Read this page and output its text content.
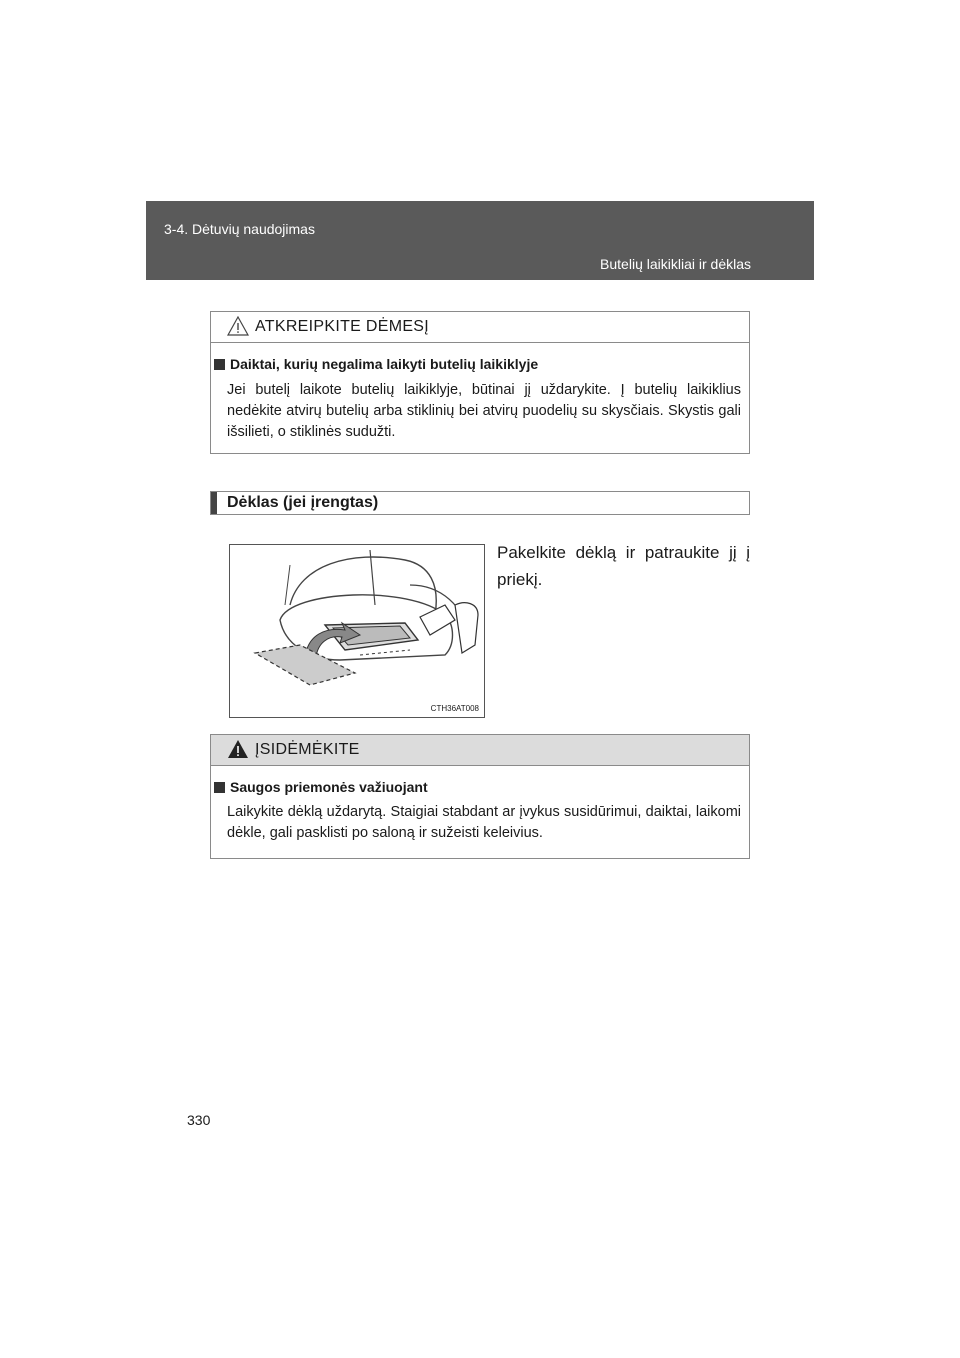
3-4. Dėtuvių naudojimas
Butelių laikikliai ir dėklas
ATKREIPKITE DĖMESĮ
Daiktai, kurių negalima laikyti butelių laikiklyje
Jei butelį laikote butelių laikiklyje, būtinai jį uždarykite. Į butelių laikiklius nedėkite atvirų butelių arba stiklinių bei atvirų puodelių su skysčiais. Skystis gali išsilieti, o stiklinės sudužti.
Dėklas (jei įrengtas)
CTH36AT008
Pakelkite dėklą ir patraukite jį į priekį.
ĮSIDĖMĖKITE
Saugos priemonės važiuojant
Laikykite dėklą uždarytą. Staigiai stabdant ar įvykus susidūrimui, daiktai, laikomi dėkle, gali pasklisti po saloną ir sužeisti keleivius.
330
